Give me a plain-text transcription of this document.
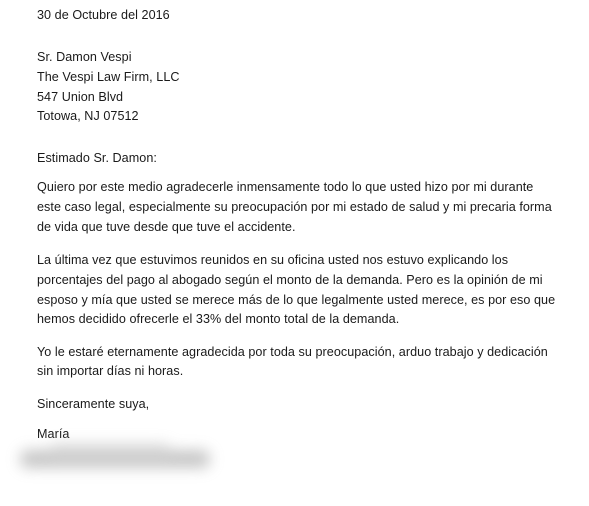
30 de Octubre del 2016
Sr. Damon Vespi
The Vespi Law Firm, LLC
547 Union Blvd
Totowa, NJ 07512
Estimado Sr. Damon:
Quiero por este medio agradecerle inmensamente todo lo que usted hizo por mi durante
este caso legal, especialmente su preocupación por mi estado de salud y mi precaria forma
de vida que tuve desde que tuve el accidente.
La última vez que estuvimos reunidos en su oficina usted nos estuvo explicando los
porcentajes del pago al abogado según el monto de la demanda. Pero es la opinión de mi
esposo y mía que usted se merece más de lo que legalmente usted merece, es por eso que
hemos decidido ofrecerle el 33% del monto total de la demanda.
Yo le estaré eternamente agradecida por toda su preocupación, arduo trabajo y dedicación
sin importar días ni horas.
Sinceramente suya,
María
